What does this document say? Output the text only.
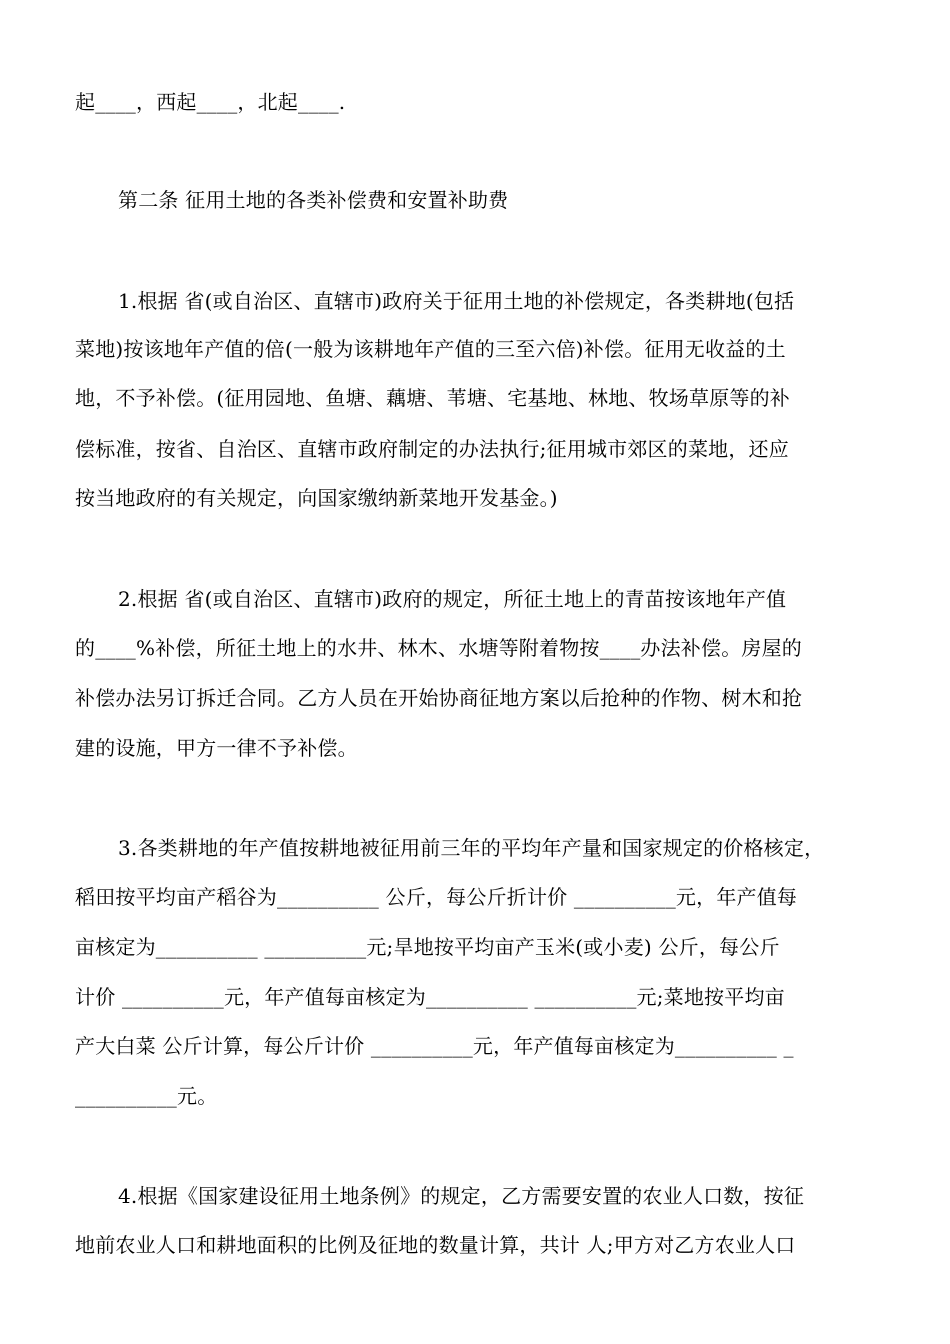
起____，西起____，北起____.
第二条 征用土地的各类补偿费和安置补助费
1.根据 省(或自治区、直辖市)政府关于征用土地的补偿规定，各类耕地(包括
菜地)按该地年产值的倍(一般为该耕地年产值的三至六倍)补偿。征用无收益的土
地，不予补偿。(征用园地、鱼塘、藕塘、苇塘、宅基地、林地、牧场草原等的补
偿标准，按省、自治区、直辖市政府制定的办法执行;征用城市郊区的菜地，还应
按当地政府的有关规定，向国家缴纳新菜地开发基金。)
2.根据 省(或自治区、直辖市)政府的规定，所征土地上的青苗按该地年产值
的____%补偿，所征土地上的水井、林木、水塘等附着物按____办法补偿。房屋的
补偿办法另订拆迁合同。乙方人员在开始协商征地方案以后抢种的作物、树木和抢
建的设施，甲方一律不予补偿。
3.各类耕地的年产值按耕地被征用前三年的平均年产量和国家规定的价格核定，
稻田按平均亩产稻谷为__________ 公斤，每公斤折计价 __________元，年产值每
亩核定为__________ __________元;旱地按平均亩产玉米(或小麦) 公斤，每公斤
计价 __________元，年产值每亩核定为__________ __________元;菜地按平均亩
产大白菜 公斤计算，每公斤计价 __________元，年产值每亩核定为__________ _
__________元。
4.根据《国家建设征用土地条例》的规定，乙方需要安置的农业人口数，按征
地前农业人口和耕地面积的比例及征地的数量计算，共计 人;甲方对乙方农业人口
